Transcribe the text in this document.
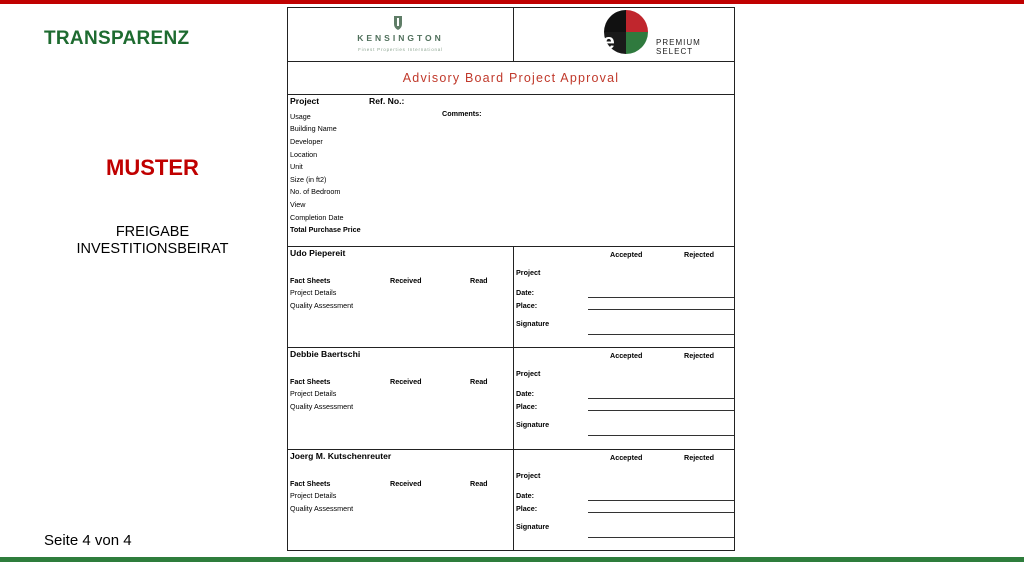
TRANSPARENZ
MUSTER
FREIGABE
INVESTITIONSBEIRAT
Seite 4 von 4
KENSINGTON
Finest Properties International	vae	PREMIUM
SELECT
Advisory Board Project Approval
Project	Ref. No.:
Comments:
Usage
Building Name
Developer
Location
Unit
Size (in ft2)
No. of Bedroom
View
Completion Date
Total Purchase Price
Udo Piepereit
Fact Sheets	Received	Read
Project Details
Quality Assessment
Accepted	Rejected
Project
Date:
Place:
Signature
Debbie Baertschi
Fact Sheets	Received	Read
Project Details
Quality Assessment
Accepted	Rejected
Project
Date:
Place:
Signature
Joerg M. Kutschenreuter
Fact Sheets	Received	Read
Project Details
Quality Assessment
Accepted	Rejected
Project
Date:
Place:
Signature
